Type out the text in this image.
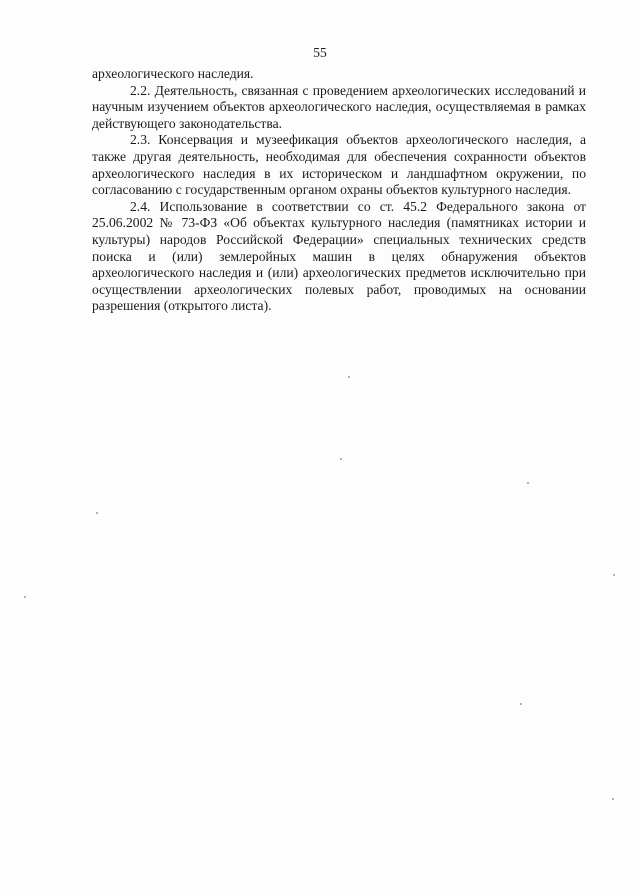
55

археологического наследия.

2.2. Деятельность, связанная с проведением археологических исследований и научным изучением объектов археологического наследия, осуществляемая в рамках действующего законодательства.

2.3. Консервация и музеефикация объектов археологического наследия, а также другая деятельность, необходимая для обеспечения сохранности объектов археологического наследия в их историческом и ландшафтном окружении, по согласованию с государственным органом охраны объектов культурного наследия.

2.4. Использование в соответствии со ст. 45.2 Федерального закона от 25.06.2002 № 73-ФЗ «Об объектах культурного наследия (памятниках истории и культуры) народов Российской Федерации» специальных технических средств поиска и (или) землеройных машин в целях обнаружения объектов археологического наследия и (или) археологических предметов исключительно при осуществлении археологических полевых работ, проводимых на основании разрешения (открытого листа).
